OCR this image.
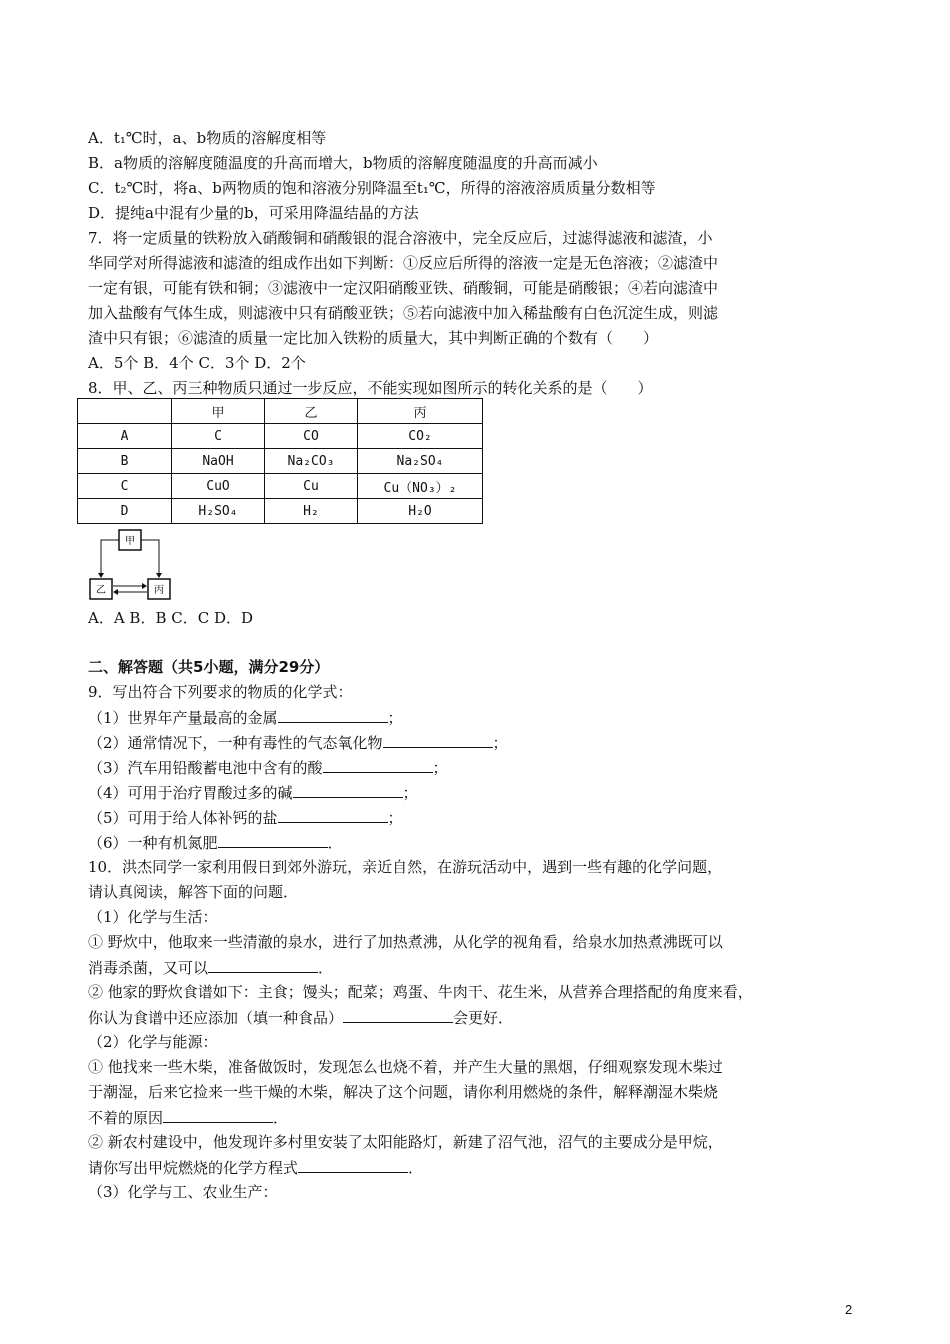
A．t₁℃时，a、b物质的溶解度相等
B．a物质的溶解度随温度的升高而增大，b物质的溶解度随温度的升高而减小
C．t₂℃时，将a、b两物质的饱和溶液分别降温至t₁℃，所得的溶液溶质质量分数相等
D．提纯a中混有少量的b，可采用降温结晶的方法
7．将一定质量的铁粉放入硝酸铜和硝酸银的混合溶液中，完全反应后，过滤得滤液和滤渣，小
华同学对所得滤液和滤渣的组成作出如下判断：①反应后所得的溶液一定是无色溶液；②滤渣中
一定有银，可能有铁和铜；③滤液中一定汉阳硝酸亚铁、硝酸铜，可能是硝酸银；④若向滤渣中
加入盐酸有气体生成，则滤液中只有硝酸亚铁；⑤若向滤液中加入稀盐酸有白色沉淀生成，则滤
渣中只有银；⑥滤渣的质量一定比加入铁粉的质量大，其中判断正确的个数有（　　）
A．5个 B．4个 C．3个 D．2个
8．甲、乙、丙三种物质只通过一步反应，不能实现如图所示的转化关系的是（　　）
	甲	乙	丙
A	C	CO	CO₂
B	NaOH	Na₂CO₃	Na₂SO₄
C	CuO	Cu	Cu（NO₃）₂
D	H₂SO₄	H₂	H₂O
甲
乙	丙
A．A B．B C．C D．D
二、解答题（共5小题，满分29分）
9．写出符合下列要求的物质的化学式：
（1）世界年产量最高的金属	；
（2）通常情况下，一种有毒性的气态氧化物	；
（3）汽车用铅酸蓄电池中含有的酸	；
（4）可用于治疗胃酸过多的碱	；
（5）可用于给人体补钙的盐	；
（6）一种有机氮肥	．
10．洪杰同学一家利用假日到郊外游玩，亲近自然，在游玩活动中，遇到一些有趣的化学问题，
请认真阅读，解答下面的问题．
（1）化学与生活：
① 野炊中，他取来一些清澈的泉水，进行了加热煮沸，从化学的视角看，给泉水加热煮沸既可以
消毒杀菌，又可以	．
② 他家的野炊食谱如下：主食；馒头；配菜；鸡蛋、牛肉干、花生米，从营养合理搭配的角度来看，
你认为食谱中还应添加（填一种食品）	会更好．
（2）化学与能源：
① 他找来一些木柴，准备做饭时，发现怎么也烧不着，并产生大量的黑烟，仔细观察发现木柴过
于潮湿，后来它捡来一些干燥的木柴，解决了这个问题，请你利用燃烧的条件，解释潮湿木柴烧
不着的原因	．
② 新农村建设中，他发现许多村里安装了太阳能路灯，新建了沼气池，沼气的主要成分是甲烷，
请你写出甲烷燃烧的化学方程式	．
（3）化学与工、农业生产：
2
